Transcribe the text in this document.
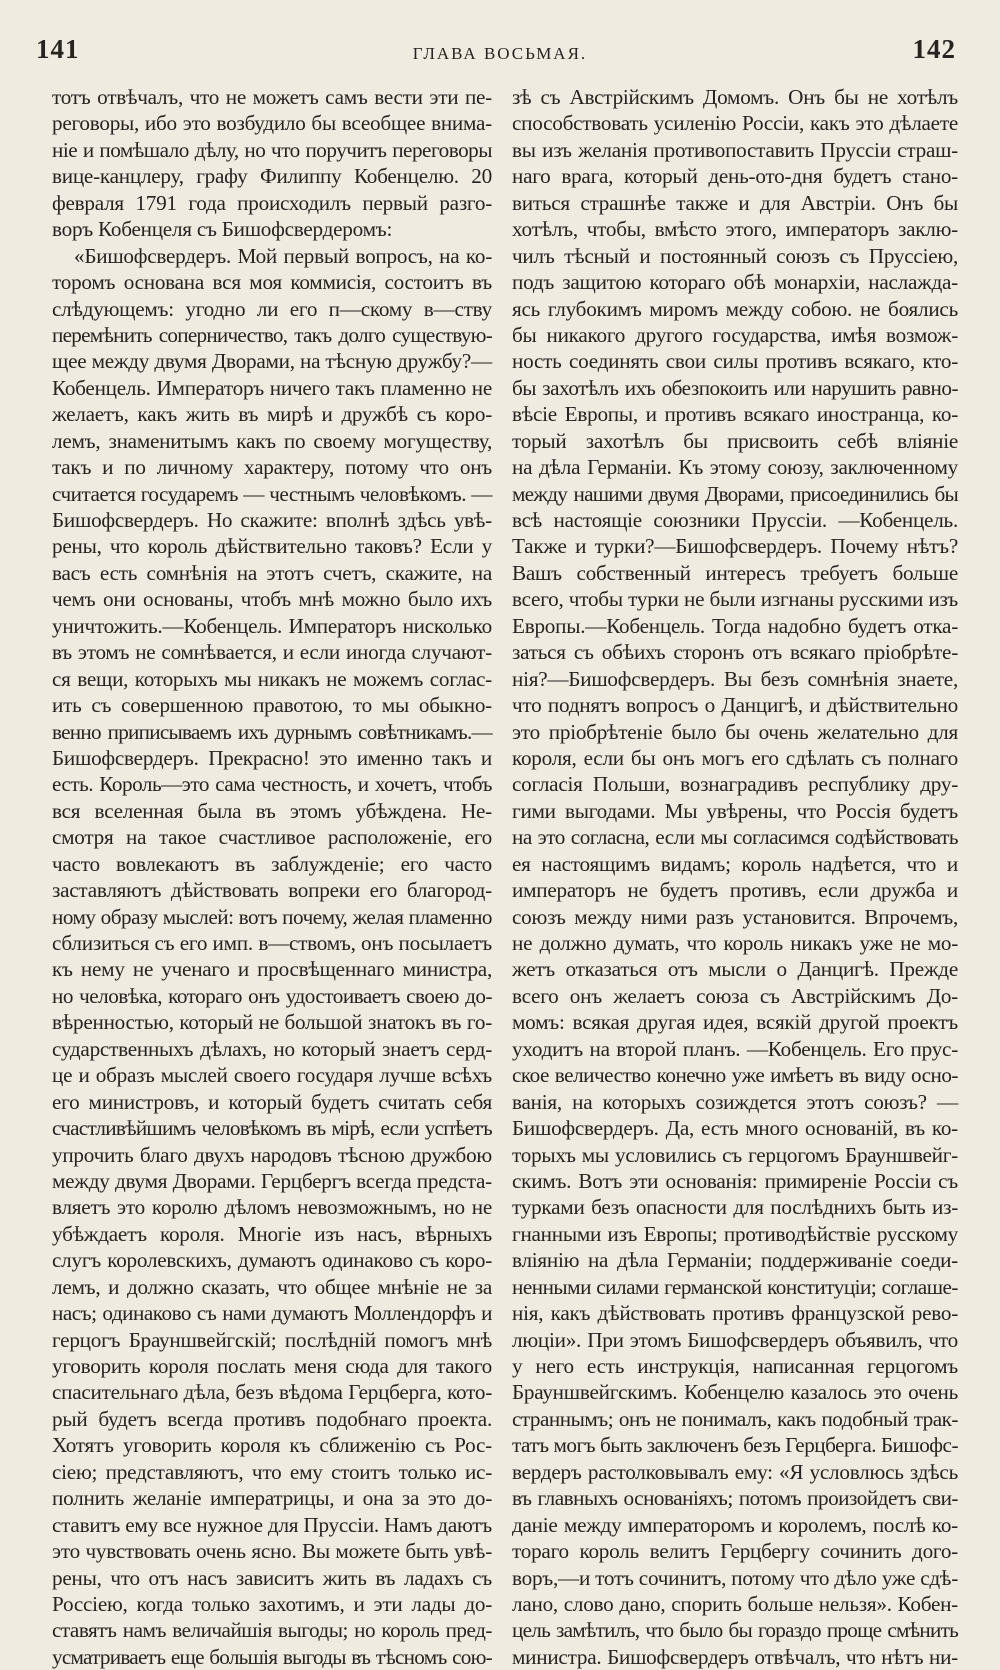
141	ГЛАВА ВОСЬМАЯ.	142
тотъ отвѣчалъ, что не можетъ самъ вести эти пе-
реговоры, ибо это возбудило бы всеобщее внима-
ніе и помѣшало дѣлу, но что поручитъ переговоры
вице-канцлеру, графу Филиппу Кобенцелю. 20
февраля 1791 года происходилъ первый разго-
воръ Кобенцеля съ Бишофсвердеромъ:
«Бишофсвердеръ. Мой первый вопросъ, на ко-
торомъ основана вся моя коммисія, состоитъ въ
слѣдующемъ: угодно ли его п—скому в—ству
перемѣнить соперничество, такъ долго существую-
щее между двумя Дворами, на тѣсную дружбу?—
Кобенцель. Императоръ ничего такъ пламенно не
желаетъ, какъ жить въ мирѣ и дружбѣ съ коро-
лемъ, знаменитымъ какъ по своему могуществу,
такъ и по личному характеру, потому что онъ
считается государемъ — честнымъ человѣкомъ. —
Бишофсвердеръ. Но скажите: вполнѣ здѣсь увѣ-
рены, что король дѣйствительно таковъ? Если у
васъ есть сомнѣнія на этотъ счетъ, скажите, на
чемъ они основаны, чтобъ мнѣ можно было ихъ
уничтожить.—Кобенцель. Императоръ нисколько
въ этомъ не сомнѣвается, и если иногда случают-
ся вещи, которыхъ мы никакъ не можемъ соглас-
ить съ совершенною правотою, то мы обыкно-
венно приписываемъ ихъ дурнымъ совѣтникамъ.—
Бишофсвердеръ. Прекрасно! это именно такъ и
есть. Король—это сама честность, и хочетъ, чтобъ
вся вселенная была въ этомъ убѣждена. Не-
смотря на такое счастливое расположеніе, его
часто вовлекаютъ въ заблужденіе; его часто
заставляютъ дѣйствовать вопреки его благород-
ному образу мыслей: вотъ почему, желая пламенно
сблизиться съ его имп. в—ствомъ, онъ посылаетъ
къ нему не ученаго и просвѣщеннаго министра,
но человѣка, котораго онъ удостоиваетъ своею до-
вѣренностью, который не большой знатокъ въ го-
сударственныхъ дѣлахъ, но который знаетъ серд-
це и образъ мыслей своего государя лучше всѣхъ
его министровъ, и который будетъ считать себя
счастливѣйшимъ человѣкомъ въ мірѣ, если успѣетъ
упрочить благо двухъ народовъ тѣсною дружбою
между двумя Дворами. Герцбергъ всегда предста-
вляетъ это королю дѣломъ невозможнымъ, но не
убѣждаетъ короля. Многіе изъ насъ, вѣрныхъ
слугъ королевскихъ, думаютъ одинаково съ коро-
лемъ, и должно сказать, что общее мнѣніе не за
насъ; одинаково съ нами думаютъ Моллендорфъ и
герцогъ Брауншвейгскій; послѣдній помогъ мнѣ
уговорить короля послать меня сюда для такого
спасительнаго дѣла, безъ вѣдома Герцберга, кото-
рый будетъ всегда противъ подобнаго проекта.
Хотятъ уговорить короля къ сближенію съ Рос-
сіею; представляютъ, что ему стоитъ только ис-
полнить желаніе императрицы, и она за это до-
ставитъ ему все нужное для Пруссіи. Намъ даютъ
это чувствовать очень ясно. Вы можете быть увѣ-
рены, что отъ насъ зависитъ жить въ ладахъ съ
Россіею, когда только захотимъ, и эти лады до-
ставятъ намъ величайшія выгоды; но король пред-
усматриваетъ еще большія выгоды въ тѣсномъ сою-
зѣ съ Австрійскимъ Домомъ. Онъ бы не хотѣлъ
способствовать усиленію Россіи, какъ это дѣлаете
вы изъ желанія противопоставить Пруссіи страш-
наго врага, который день-ото-дня будетъ стано-
виться страшнѣе также и для Австріи. Онъ бы
хотѣлъ, чтобы, вмѣсто этого, императоръ заклю-
чилъ тѣсный и постоянный союзъ съ Пруссіею,
подъ защитою котораго обѣ монархіи, наслаждa-
ясь глубокимъ миромъ между собою. не боялись
бы никакого другого государства, имѣя возмож-
ность соединять свои силы противъ всякаго, кто-
бы захотѣлъ ихъ обезпокоить или нарушить равно-
вѣсіе Европы, и противъ всякаго иностранца, ко-
торый захотѣлъ бы присвоить себѣ вліяніе
на дѣла Германіи. Къ этому союзу, заключенному
между нашими двумя Дворами, присоединились бы
всѣ настоящіе союзники Пруссіи. —Кобенцель.
Также и турки?—Бишофсвердеръ. Почему нѣтъ?
Вашъ собственный интересъ требуетъ больше
всего, чтобы турки не были изгнаны русскими изъ
Европы.—Кобенцель. Тогда надобно будетъ отка-
заться съ обѣихъ сторонъ отъ всякаго пріобрѣте-
нія?—Бишофсвердеръ. Вы безъ сомнѣнія знаете,
что поднятъ вопросъ о Данцигѣ, и дѣйствительно
это пріобрѣтеніе было бы очень желательно для
короля, если бы онъ могъ его сдѣлать съ полнаго
согласія Польши, вознаградивъ республику дру-
гими выгодами. Мы увѣрены, что Россія будетъ
на это согласна, если мы согласимся содѣйствовать
ея настоящимъ видамъ; король надѣется, что и
императоръ не будетъ противъ, если дружба и
союзъ между ними разъ установится. Впрочемъ,
не должно думать, что король никакъ уже не мо-
жетъ отказаться отъ мысли о Данцигѣ. Прежде
всего онъ желаетъ союза съ Австрійскимъ До-
момъ: всякая другая идея, всякій другой проектъ
уходитъ на второй планъ. —Кобенцель. Его прус-
ское величество конечно уже имѣетъ въ виду осно-
ванія, на которыхъ созиждется этотъ союзъ? —
Бишофсвердеръ. Да, есть много основаній, въ ко-
торыхъ мы условились съ герцогомъ Брауншвейг-
скимъ. Вотъ эти основанія: примиреніе Россіи съ
турками безъ опасности для послѣднихъ быть из-
гнанными изъ Европы; противодѣйствіе русскому
вліянію на дѣла Германіи; поддерживаніе соеди-
ненными силами германской конституціи; соглаше-
нія, какъ дѣйствовать противъ французской рево-
люціи». При этомъ Бишофсвердеръ объявилъ, что
у него есть инструкція, написанная герцогомъ
Брауншвейгскимъ. Кобенцелю казалось это очень
страннымъ; онъ не понималъ, какъ подобный трак-
татъ могъ быть заключенъ безъ Герцберга. Бишофс-
вердеръ растолковывалъ ему: «Я условлюсь здѣсь
въ главныхъ основаніяхъ; потомъ произойдетъ сви-
даніе между императоромъ и королемъ, послѣ ко-
тораго король велитъ Герцбергу сочинить дого-
воръ,—и тотъ сочинитъ, потому что дѣло уже сдѣ-
лано, слово дано, спорить больше нельзя». Кобен-
цель замѣтилъ, что было бы гораздо проще смѣнить
министра. Бишофсвердеръ отвѣчалъ, что нѣтъ ни-
